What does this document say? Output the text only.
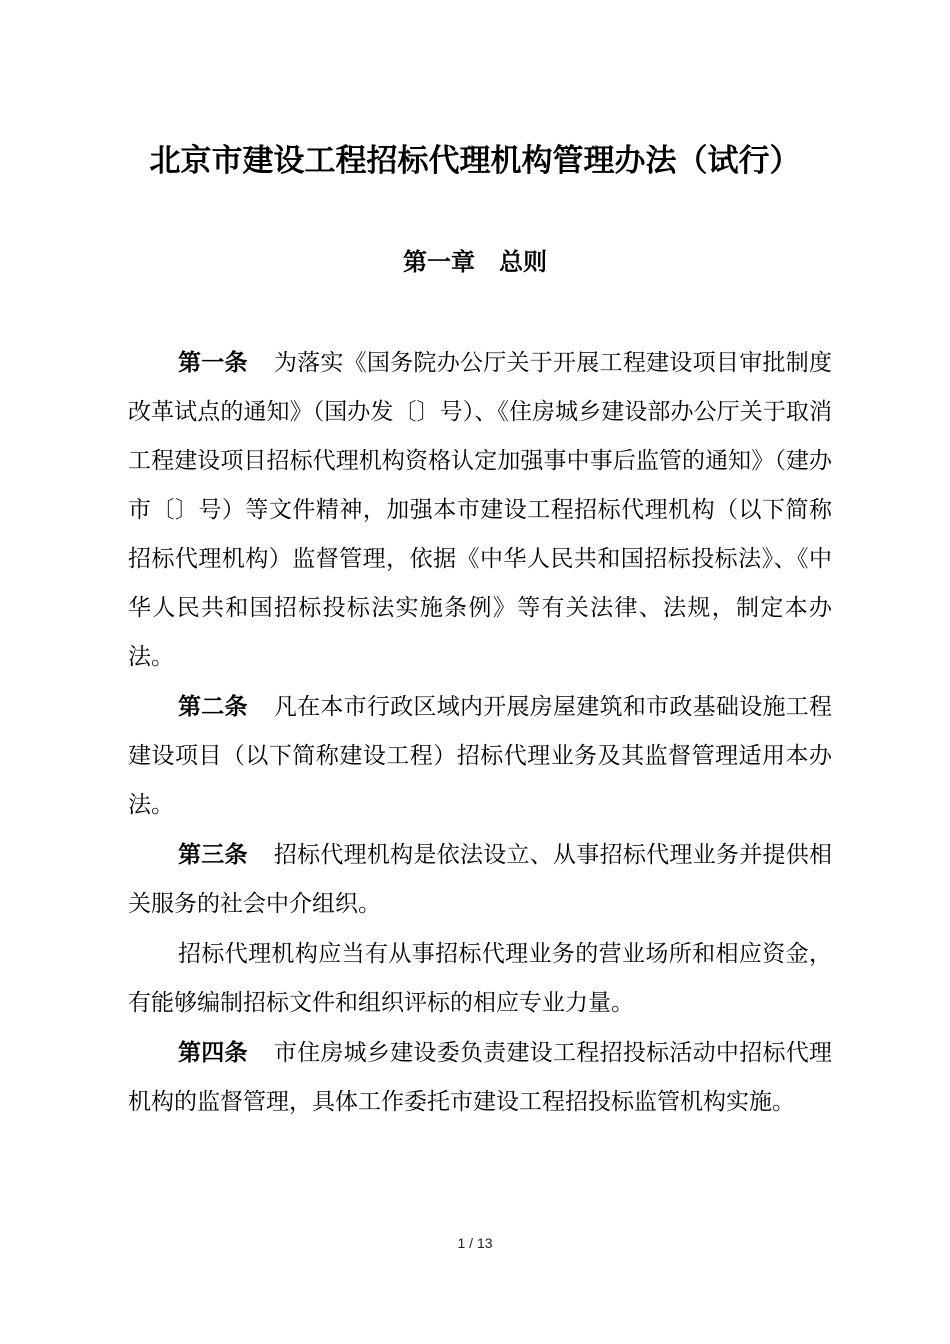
北京市建设工程招标代理机构管理办法（试行）
第一章　总则

第一条 为落实《国务院办公厅关于开展工程建设项目审批制度改革试点的通知》（国办发〔〕号）、《住房城乡建设部办公厅关于取消工程建设项目招标代理机构资格认定加强事中事后监管的通知》（建办市〔〕号）等文件精神，加强本市建设工程招标代理机构（以下简称招标代理机构）监督管理，依据《中华人民共和国招标投标法》、《中华人民共和国招标投标法实施条例》等有关法律、法规，制定本办法。

第二条 凡在本市行政区域内开展房屋建筑和市政基础设施工程建设项目（以下简称建设工程）招标代理业务及其监督管理适用本办法。

第三条 招标代理机构是依法设立、从事招标代理业务并提供相关服务的社会中介组织。

招标代理机构应当有从事招标代理业务的营业场所和相应资金，有能够编制招标文件和组织评标的相应专业力量。

第四条 市住房城乡建设委负责建设工程招投标活动中招标代理机构的监督管理，具体工作委托市建设工程招投标监管机构实施。

1 / 13
